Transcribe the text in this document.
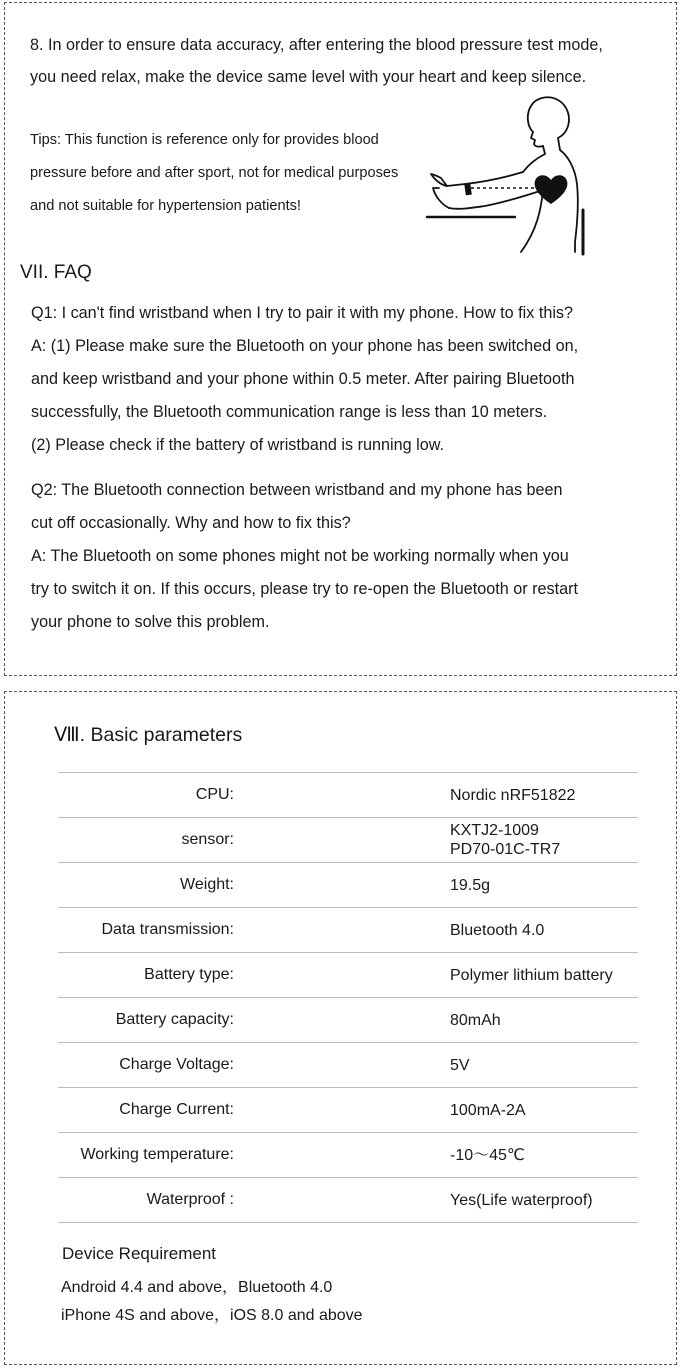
8. In order to ensure data accuracy, after entering the blood pressure test mode,
you need relax, make the device same level with your heart and keep silence.
Tips: This function is reference only for provides blood
pressure before and after sport, not for medical purposes
and not suitable for hypertension patients!
VII. FAQ
Q1: I can't find wristband when I try to pair it with my phone. How to fix this?
A: (1) Please make sure the Bluetooth on your phone has been switched on,
and keep wristband and your phone within 0.5 meter. After pairing Bluetooth
successfully, the Bluetooth communication range is less than 10 meters.
(2) Please check if the battery of wristband is running low.
Q2: The Bluetooth connection between wristband and my phone has been
cut off occasionally. Why and how to fix this?
A: The Bluetooth on some phones might not be working normally when you
try to switch it on. If this occurs, please try to re-open the Bluetooth or restart
your phone to solve this problem.
Ⅷ. Basic parameters
CPU:		Nordic nRF51822

sensor:		KXTJ2-1009
PD70-01C-TR7

Weight:		19.5g

Data transmission:		Bluetooth 4.0

Battery type:		Polymer lithium battery

Battery capacity:		80mAh

Charge Voltage:		5V

Charge Current:		100mA-2A

Working temperature:		-10～45℃

Waterproof :		Yes(Life waterproof)
Device Requirement
Android 4.4 and above，Bluetooth 4.0
iPhone 4S and above，iOS 8.0 and above
